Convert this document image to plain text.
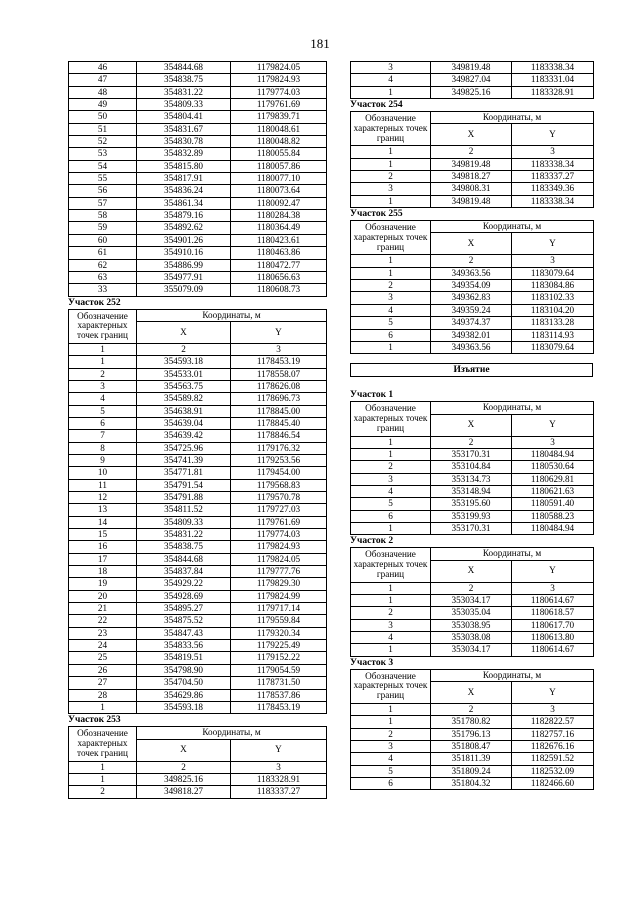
181
46	354844.68	1179824.05
47	354838.75	1179824.93
48	354831.22	1179774.03
49	354809.33	1179761.69
50	354804.41	1179839.71
51	354831.67	1180048.61
52	354830.78	1180048.82
53	354832.89	1180055.84
54	354815.80	1180057.86
55	354817.91	1180077.10
56	354836.24	1180073.64
57	354861.34	1180092.47
58	354879.16	1180284.38
59	354892.62	1180364.49
60	354901.26	1180423.61
61	354910.16	1180463.86
62	354886.99	1180472.77
63	354977.91	1180656.63
33	355079.09	1180608.73
Участок 252
Обозначение характерных точек границ	Координаты, м	
	X	Y
1	2	3
1	354593.18	1178453.19
2	354533.01	1178558.07
3	354563.75	1178626.08
4	354589.82	1178696.73
5	354638.91	1178845.00
6	354639.04	1178845.40
7	354639.42	1178846.54
8	354725.96	1179176.32
9	354741.39	1179253.56
10	354771.81	1179454.00
11	354791.54	1179568.83
12	354791.88	1179570.78
13	354811.52	1179727.03
14	354809.33	1179761.69
15	354831.22	1179774.03
16	354838.75	1179824.93
17	354844.68	1179824.05
18	354837.84	1179777.76
19	354929.22	1179829.30
20	354928.69	1179824.99
21	354895.27	1179717.14
22	354875.52	1179559.84
23	354847.43	1179320.34
24	354833.56	1179225.49
25	354819.51	1179152.22
26	354798.90	1179054.59
27	354704.50	1178731.50
28	354629.86	1178537.86
1	354593.18	1178453.19
Участок 253
Обозначение характерных точек границ	Координаты, м	
	X	Y
1	2	3
1	349825.16	1183328.91
2	349818.27	1183337.27
3	349819.48	1183338.34
4	349827.04	1183331.04
1	349825.16	1183328.91
Участок 254
Обозначение характерных точек границ	Координаты, м	
	X	Y
1	2	3
1	349819.48	1183338.34
2	349818.27	1183337.27
3	349808.31	1183349.36
1	349819.48	1183338.34
Участок 255
Обозначение характерных точек границ	Координаты, м	
	X	Y
1	2	3
1	349363.56	1183079.64
2	349354.09	1183084.86
3	349362.83	1183102.33
4	349359.24	1183104.20
5	349374.37	1183133.28
6	349382.01	1183114.93
1	349363.56	1183079.64
Изъятие
Участок 1
Обозначение характерных точек границ	Координаты, м	
	X	Y
1	2	3
1	353170.31	1180484.94
2	353104.84	1180530.64
3	353134.73	1180629.81
4	353148.94	1180621.63
5	353195.60	1180591.40
6	353199.93	1180588.23
1	353170.31	1180484.94
Участок 2
Обозначение характерных точек границ	Координаты, м	
	X	Y
1	2	3
1	353034.17	1180614.67
2	353035.04	1180618.57
3	353038.95	1180617.70
4	353038.08	1180613.80
1	353034.17	1180614.67
Участок 3
Обозначение характерных точек границ	Координаты, м	
	X	Y
1	2	3
1	351780.82	1182822.57
2	351796.13	1182757.16
3	351808.47	1182676.16
4	351811.39	1182591.52
5	351809.24	1182532.09
6	351804.32	1182466.60
